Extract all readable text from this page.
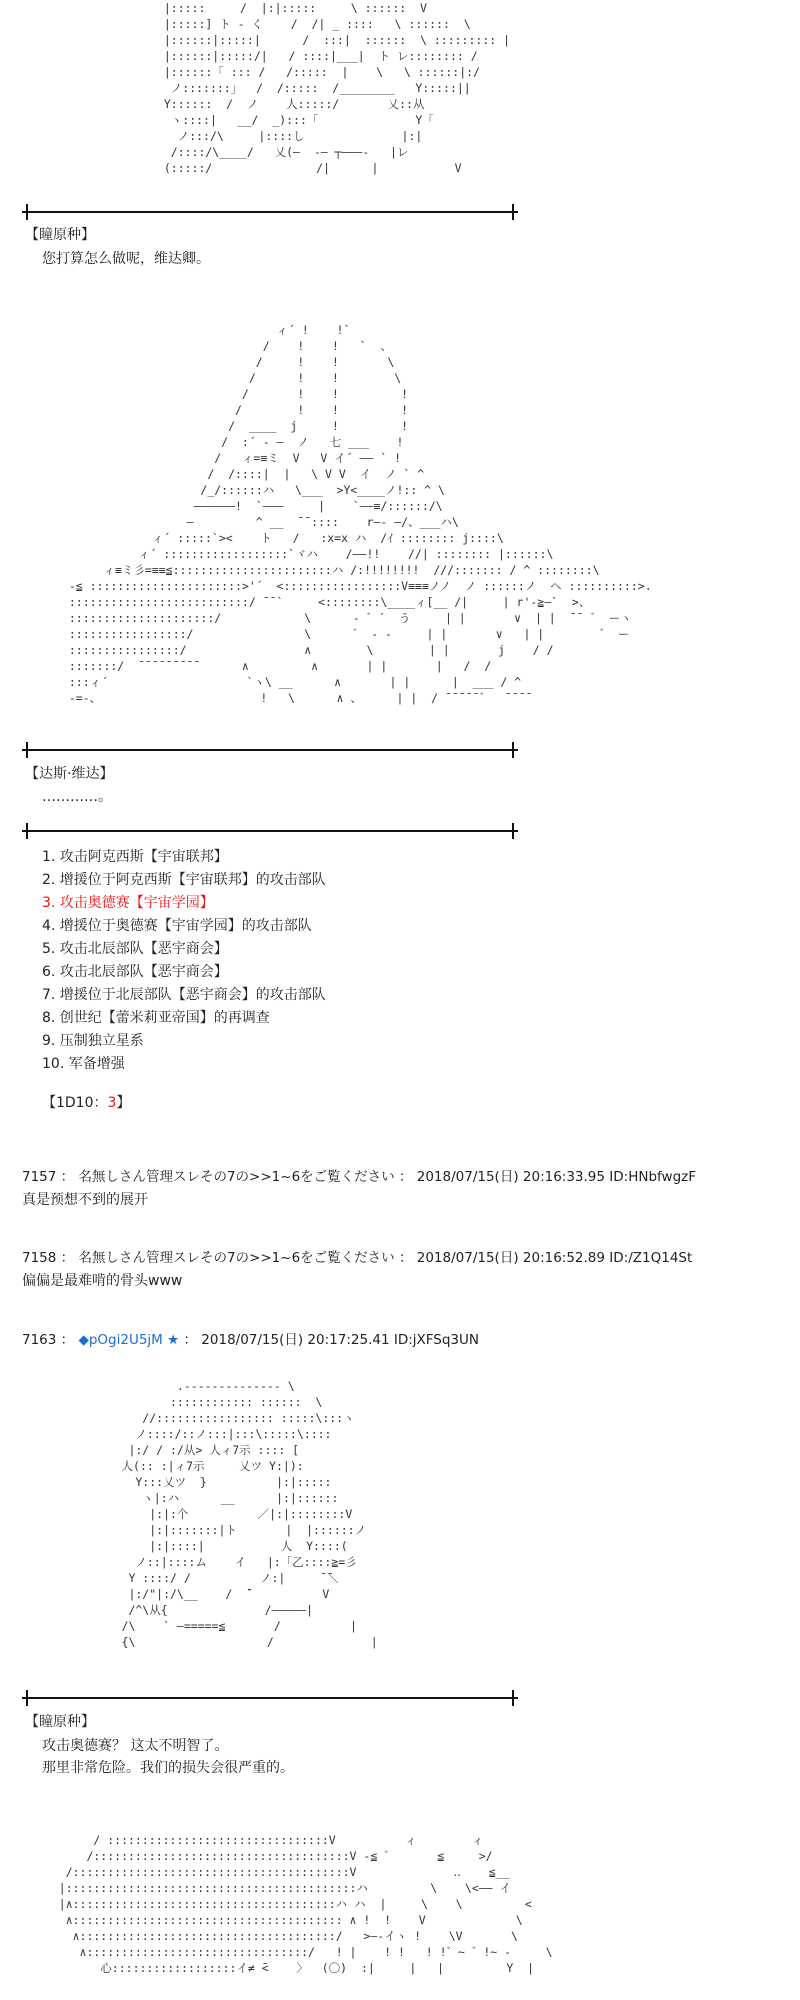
|:::::     /  |:|:::::     \ ::::::  V
|:::::] ト - く    /  /| _ ::::   \ ::::::  \
|::::::|:::::|      /  :::|  ::::::  \ ::::::::: |
|::::::|:::::/|   / ::::|___|  ト レ:::::::: /
|::::::「 ::: /   /:::::  |    \   \ ::::::|:/
ノ:::::::」  /  /:::::  /________   Y:::::||
Y::::::  /  ノ    人:::::/       乂::从
ヽ::::|   __/  _):::「              Y「
ノ:::/\     |::::し              |:|
/::::/\____/   乂(―  -― ┬―――-   |レ
(:::::/               /|      |           V
【瞳原种】
您打算怎么做呢，维达卿。
ィ´ !    !`
/    !    !   `  、
/     !    !       \
/      !    !        \
/       !    !         !
/        !    !         !
/  ____  j     !         !
/  :´ - ―  ノ   七 ___    !
/   ィ=≡ミ  V   V イ´ ―― ` !
/  /::::|  |   \ V V  イ  ノ ` ^
/_/::::::ハ   \___  >Y<____ノ!:: ^ \
――――――!  `―――     |    `――≡/::::::/\
―         ^ __  ̄ ̄ ::::    r―- ―/、___ハ\
ィ´ :::::`><    ト   /   :x=x ハ  /ｲ :::::::: j::::\
ィ´ ::::::::::::::::::`ヾハ    /――!!    //| :::::::: |::::::\
ィ≡ミ彡=≡≡≦:::::::::::::::::::::::ハ /:!!!!!!!!  ///::::::: / ^ ::::::::\
-≦ ::::::::::::::::::::::>'´  <:::::::::::::::::V≡≡≡ノノ  ノ ::::::ノ  ヘ ::::::::::>.
::::::::::::::::::::::::::/ ̄ ̄ `     <::::::::\____ィ[__ /|     | r'-≧―`  >、
:::::::::::::::::::::/            \      - ゛´  う     | |       ∨  | |  ̄ ̄  ゛ ーヽ
:::::::::::::::::/                \      ゛ ‐ ‐     | |       ∨   | |        ゛ ー
::::::::::::::::/                 ∧        \        | |       j    / /
:::::::/  ̄ ̄ ̄ ̄ ̄ ̄ ̄ ̄ ̄       ∧         ∧       | |       |   /  /
:::ィ´                    `ヽ\ __      ∧       | |      |  ___ / ^
-=-、                       !   \      ∧ 、     | |  / ̄ ̄ ̄ ̄ ̄ ゛  ̄ ̄ ̄ ̄
【达斯·维达】
…………。
1. 攻击阿克西斯【宇宙联邦】
2. 增援位于阿克西斯【宇宙联邦】的攻击部队
3. 攻击奥德赛【宇宙学园】
4. 增援位于奥德赛【宇宙学园】的攻击部队
5. 攻击北辰部队【恶宇商会】
6. 攻击北辰部队【恶宇商会】
7. 增援位于北辰部队【恶宇商会】的攻击部队
8. 创世纪【蕾米莉亚帝国】的再调查
9. 压制独立星系
10. 军备增强
【1D10：3】
7157 ： 名無しさん管理スレその7の>>1~6をご覧ください ： 2018/07/15(日) 20:16:33.95 ID:HNbfwgzF
真是预想不到的展开
7158 ： 名無しさん管理スレその7の>>1~6をご覧ください ： 2018/07/15(日) 20:16:52.89 ID:/Z1Q14St
偏偏是最难啃的骨头www
7163 ： ◆pOgi2U5jM ★ ： 2018/07/15(日) 20:17:25.41 ID:jXFSq3UN
.-------------- \
:::::::::::: ::::::  \
//::::::::::::::::: :::::\:::ヽ
ノ::::/::ノ:::|:::\:::::\::::
|:/ / :/从> 人ィ7示 :::: [
人(:: :|ィ7示     乂ツ Y:|):
Y:::乂ツ  }          |:|:::::
ヽ|:ハ      __      |:|::::::
|:|:个          ／|:|::::::::V
|:|:::::::|ト       |  |::::::ノ
|:|::::|           人  Y::::(
ノ::|::::ム    イ   |:「乙::::≧=彡
Y ::::/ /          ノ:|     ̄ ̄＼
|:/"|:/\__    /  ̄`          V
/^\从{              /―――――|
/\    ` ―=====≦       /          |
{\                   /              |
【瞳原种】
攻击奥德赛？ 这太不明智了。
那里非常危险。我们的损失会很严重的。
/ ::::::::::::::::::::::::::::::::V          ィ        ィ
/:::::::::::::::::::::::::::::::::::::V ‐≦ ゛      ≦     >/
/::::::::::::::::::::::::::::::::::::::::V              ‥    ≦__
|::::::::::::::::::::::::::::::::::::::::::ハ         \    \<―― イ
|∧::::::::::::::::::::::::::::::::::::::ハ ハ  |     \    \         <
∧::::::::::::::::::::::::::::::::::::::: ∧ !  !    V             \
∧:::::::::::::::::::::::::::::::::::::/   >―-イヽ !    \V       \
∧::::::::::::::::::::::::::::::::/   ! |    ! !   ! !゛~ ゛!~ ‐     \
心::::::::::::::::::イ≠ ̄<    〉  (〇)  :|     |   |         Y  |
